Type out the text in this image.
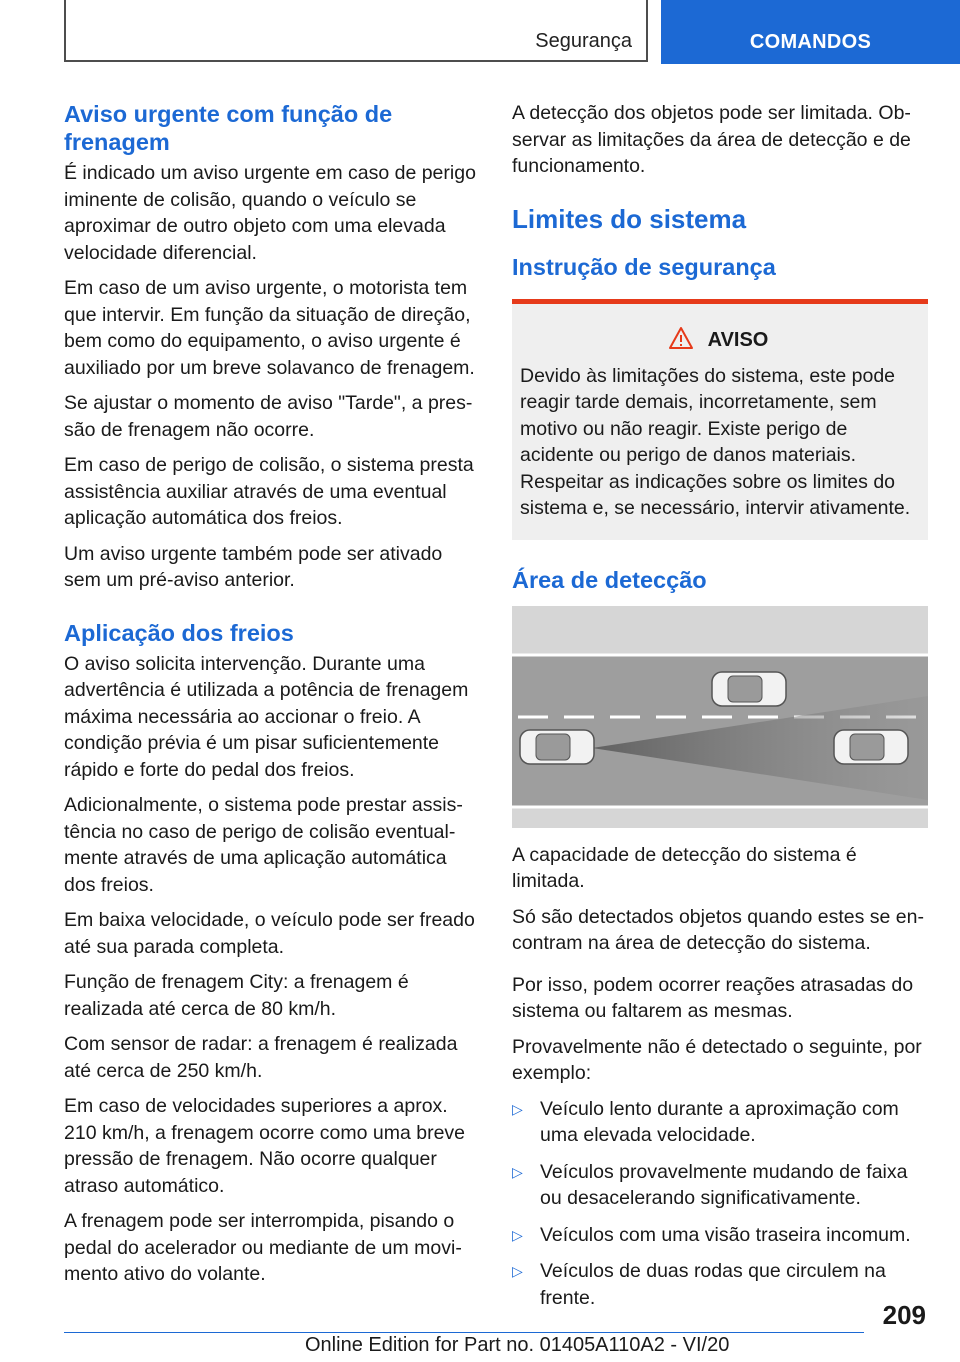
Segurança	COMANDOS
Aviso urgente com função de frenagem

É indicado um aviso urgente em caso de perigo iminente de colisão, quando o veículo se aproximar de outro objeto com uma elevada velocidade diferencial.

Em caso de um aviso urgente, o motorista tem que intervir. Em função da situação de direção, bem como do equipamento, o aviso urgente é auxiliado por um breve solavanco de frenagem.

Se ajustar o momento de aviso "Tarde", a pressão de frenagem não ocorre.

Em caso de perigo de colisão, o sistema presta assistência auxiliar através de uma eventual aplicação automática dos freios.

Um aviso urgente também pode ser ativado sem um pré-aviso anterior.

Aplicação dos freios

O aviso solicita intervenção. Durante uma advertência é utilizada a potência de frenagem máxima necessária ao accionar o freio. A condição prévia é um pisar suficientemente rápido e forte do pedal dos freios.

Adicionalmente, o sistema pode prestar assistência no caso de perigo de colisão eventualmente através de uma aplicação automática dos freios.

Em baixa velocidade, o veículo pode ser freado até sua parada completa.

Função de frenagem City: a frenagem é realizada até cerca de 80 km/h.

Com sensor de radar: a frenagem é realizada até cerca de 250 km/h.

Em caso de velocidades superiores a aprox. 210 km/h, a frenagem ocorre como uma breve pressão de frenagem. Não ocorre qualquer atraso automático.

A frenagem pode ser interrompida, pisando o pedal do acelerador ou mediante de um movimento ativo do volante.

A detecção dos objetos pode ser limitada. Observar as limitações da área de detecção e de funcionamento.

Limites do sistema
Instrução de segurança
AVISO

Devido às limitações do sistema, este pode reagir tarde demais, incorretamente, sem motivo ou não reagir. Existe perigo de acidente ou perigo de danos materiais. Respeitar as indicações sobre os limites do sistema e, se necessário, intervir ativamente.

Área de detecção

A capacidade de detecção do sistema é limitada.

Só são detectados objetos quando estes se encontram na área de detecção do sistema.

Por isso, podem ocorrer reações atrasadas do sistema ou faltarem as mesmas.

Provavelmente não é detectado o seguinte, por exemplo:

▷ Veículo lento durante a aproximação com uma elevada velocidade.
▷ Veículos provavelmente mudando de faixa ou desacelerando significativamente.
▷ Veículos com uma visão traseira incomum.
▷ Veículos de duas rodas que circulem na frente.
209
Online Edition for Part no. 01405A110A2 - VI/20
